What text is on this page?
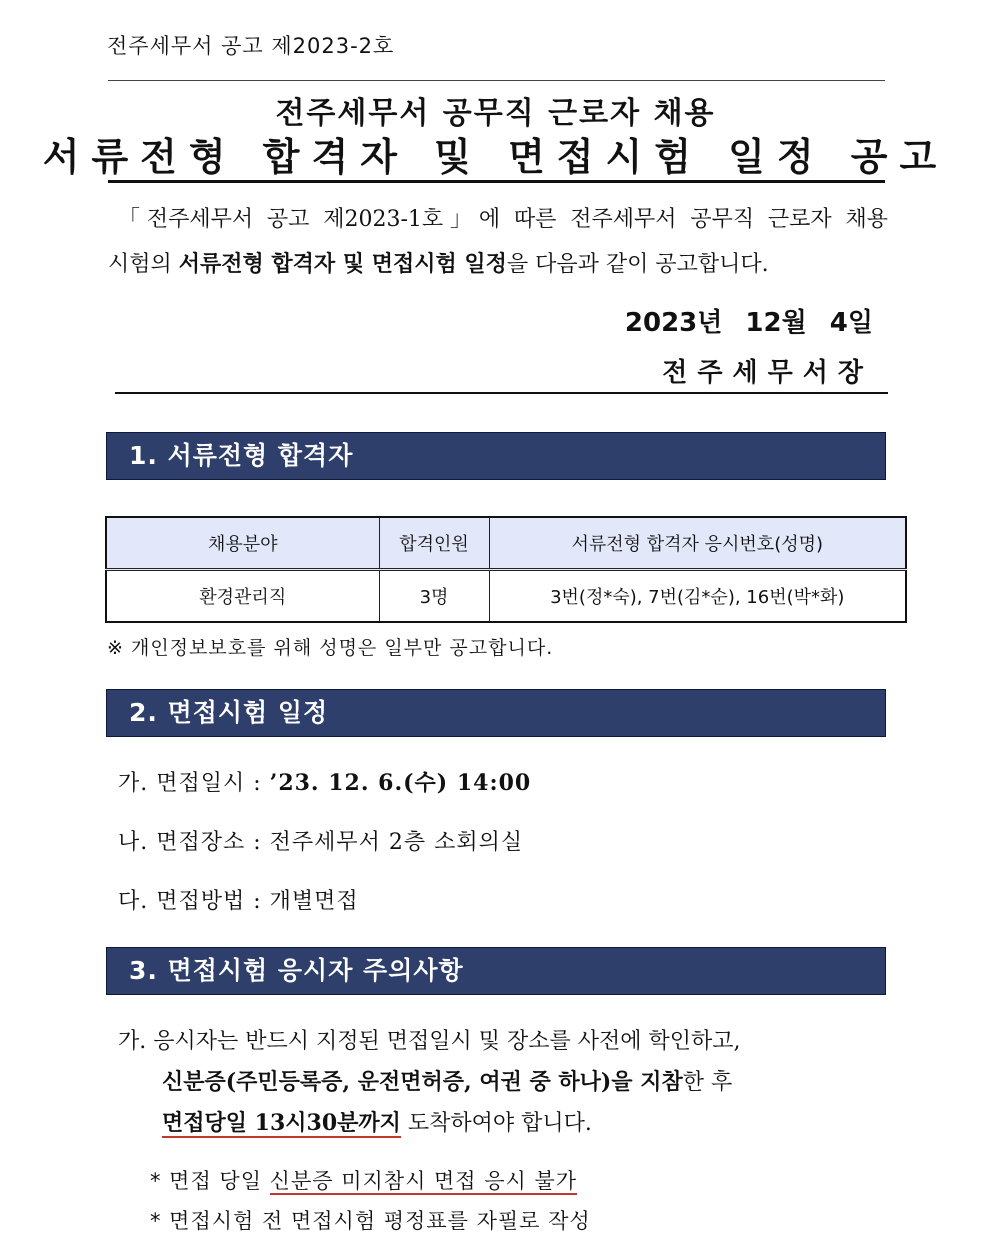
전주세무서 공고 제2023-2호
전주세무서 공무직 근로자 채용
서류전형 합격자 및 면접시험 일정 공고
「전주세무서 공고 제2023-1호」에 따른 전주세무서 공무직 근로자 채용
시험의 서류전형 합격자 및 면접시험 일정을 다음과 같이 공고합니다.
2023년 12월 4일
전주세무서장
1. 서류전형 합격자
채용분야	합격인원	서류전형 합격자 응시번호(성명)
환경관리직	3명	3번(정*숙), 7번(김*순), 16번(박*화)
※ 개인정보보호를 위해 성명은 일부만 공고합니다.
2. 면접시험 일정
가. 면접일시 : ’23. 12. 6.(수) 14:00
나. 면접장소 : 전주세무서 2층 소회의실
다. 면접방법 : 개별면접
3. 면접시험 응시자 주의사항
가. 응시자는 반드시 지정된 면접일시 및 장소를 사전에 학인하고,
신분증(주민등록증, 운전면허증, 여권 중 하나)을 지참한 후
면접당일 13시30분까지 도착하여야 합니다.
* 면접 당일 신분증 미지참시 면접 응시 불가
* 면접시험 전 면접시험 평정표를 자필로 작성
